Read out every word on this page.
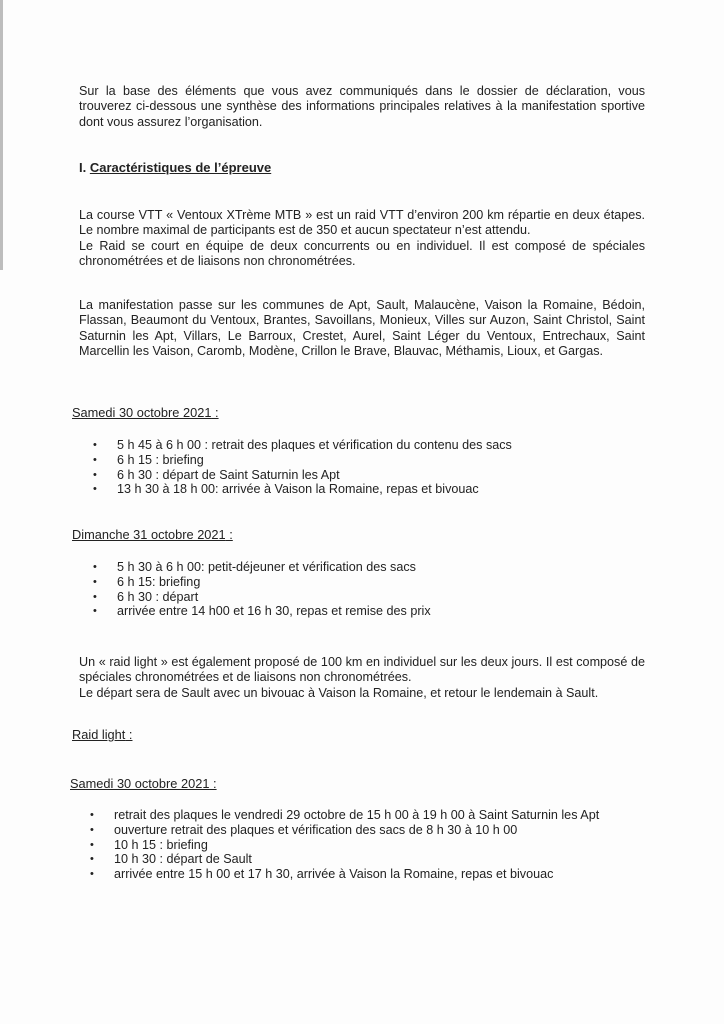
Sur la base des éléments que vous avez communiqués dans le dossier de déclaration, vous trouverez ci-dessous une synthèse des informations principales relatives à la manifestation sportive dont vous assurez l’organisation.
I. Caractéristiques de l’épreuve
La course VTT « Ventoux XTrème MTB » est un raid VTT d’environ 200 km répartie en deux étapes. Le nombre maximal de participants est de 350 et aucun spectateur n’est attendu.
Le Raid se court en équipe de deux concurrents ou en individuel. Il est composé de spéciales chronométrées et de liaisons non chronométrées.
La manifestation passe sur les communes de Apt, Sault, Malaucène, Vaison la Romaine, Bédoin, Flassan, Beaumont du Ventoux, Brantes, Savoillans, Monieux, Villes sur Auzon, Saint Christol, Saint Saturnin les Apt, Villars, Le Barroux, Crestet, Aurel, Saint Léger du Ventoux, Entrechaux, Saint Marcellin les Vaison, Caromb, Modène, Crillon le Brave, Blauvac, Méthamis, Lioux, et Gargas.
Samedi 30 octobre 2021 :
• 5 h 45 à 6 h 00 : retrait des plaques et vérification du contenu des sacs
• 6 h 15 : briefing
• 6 h 30 : départ de Saint Saturnin les Apt
• 13 h 30 à 18 h 00: arrivée à Vaison la Romaine, repas et bivouac
Dimanche 31 octobre 2021 :
• 5 h 30 à 6 h 00: petit-déjeuner et vérification des sacs
• 6 h 15: briefing
• 6 h 30 : départ
• arrivée entre 14 h00 et 16 h 30, repas et remise des prix
Un « raid light » est également proposé de 100 km en individuel sur les deux jours. Il est composé de spéciales chronométrées et de liaisons non chronométrées.
Le départ sera de Sault avec un bivouac à Vaison la Romaine, et retour le lendemain à Sault.
Raid light :
Samedi 30 octobre 2021 :
• retrait des plaques le vendredi 29 octobre de 15 h 00 à 19 h 00 à Saint Saturnin les Apt
• ouverture retrait des plaques et vérification des sacs de 8 h 30 à 10 h 00
• 10 h 15 : briefing
• 10 h 30 : départ de Sault
• arrivée entre 15 h 00 et 17 h 30, arrivée à Vaison la Romaine, repas et bivouac
